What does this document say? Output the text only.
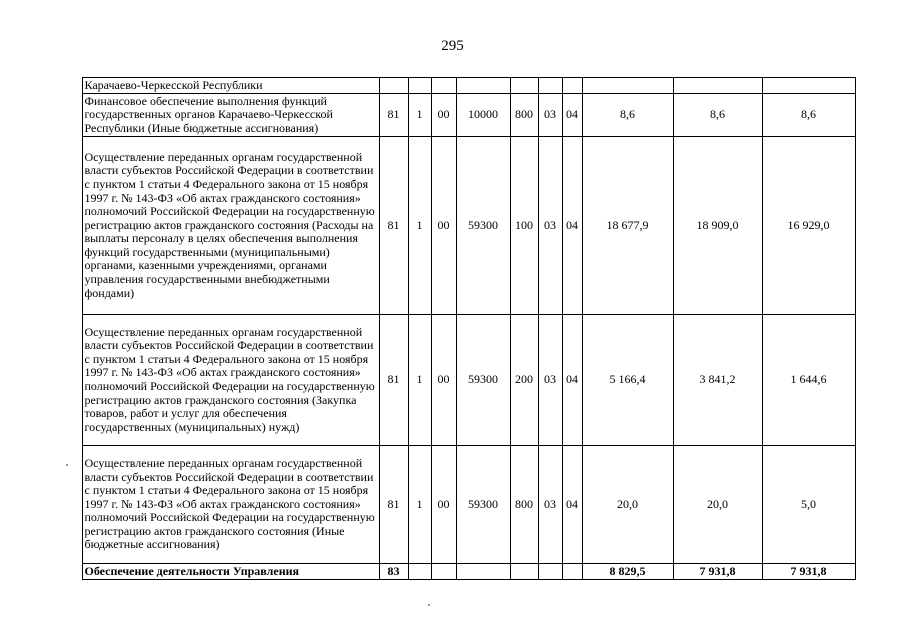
295
	Карачаево-Черкесской Республики										
	Финансовое обеспечение выполнения функций государственных органов Карачаево-Черкесской Республики (Иные бюджетные ассигнования)	81	1	00	10000	800	03	04	8,6	8,6	8,6
	Осуществление переданных органам государственной власти субъектов Российской Федерации в соответствии с пунктом 1 статьи 4 Федерального закона от 15 ноября 1997 г. № 143-ФЗ «Об актах гражданского состояния» полномочий Российской Федерации на государственную регистрацию актов гражданского состояния (Расходы на выплаты персоналу в целях обеспечения выполнения функций государственными (муниципальными) органами, казенными учреждениями, органами управления государственными внебюджетными фондами)	81	1	00	59300	100	03	04	18 677,9	18 909,0	16 929,0
	Осуществление переданных органам государственной власти субъектов Российской Федерации в соответствии с пунктом 1 статьи 4 Федерального закона от 15 ноября 1997 г. № 143-ФЗ «Об актах гражданского состояния» полномочий Российской Федерации на государственную регистрацию актов гражданского состояния (Закупка товаров, работ и услуг для обеспечения государственных (муниципальных) нужд)	81	1	00	59300	200	03	04	5 166,4	3 841,2	1 644,6
	Осуществление переданных органам государственной власти субъектов Российской Федерации в соответствии с пунктом 1 статьи 4 Федерального закона от 15 ноября 1997 г. № 143-ФЗ «Об актах гражданского состояния» полномочий Российской Федерации на государственную регистрацию актов гражданского состояния (Иные бюджетные ассигнования)	81	1	00	59300	800	03	04	20,0	20,0	5,0
	Обеспечение деятельности Управления	83							8 829,5	7 931,8	7 931,8
